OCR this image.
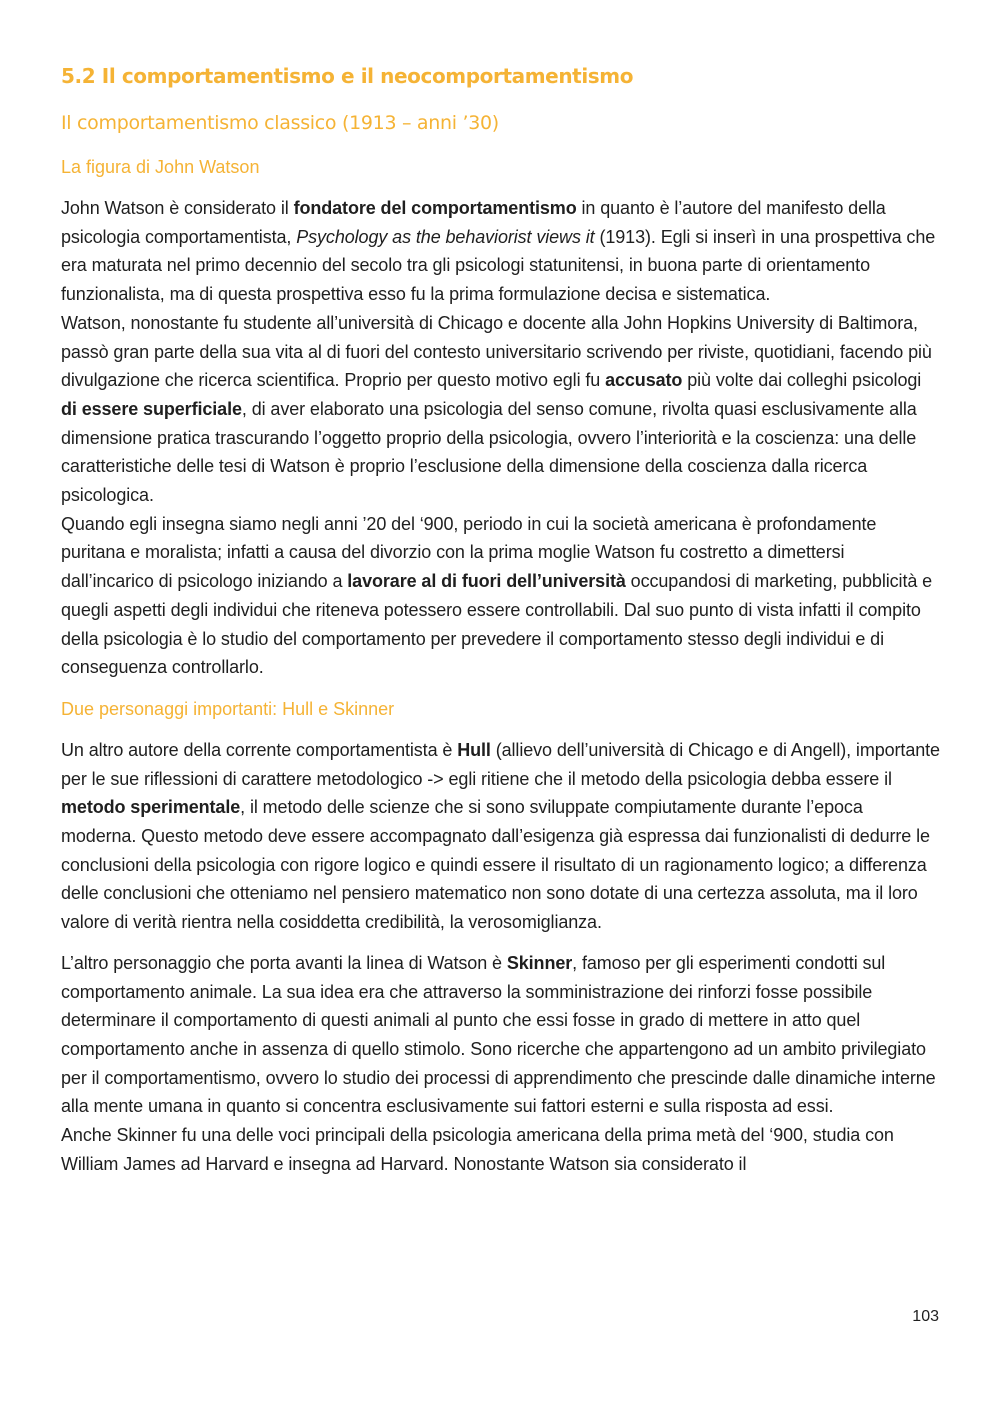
5.2 Il comportamentismo e il neocomportamentismo
Il comportamentismo classico (1913 – anni ’30)
La figura di John Watson

John Watson è considerato il fondatore del comportamentismo in quanto è l’autore del manifesto della psicologia comportamentista, Psychology as the behaviorist views it (1913). Egli si inserì in una prospettiva che era maturata nel primo decennio del secolo tra gli psicologi statunitensi, in buona parte di orientamento funzionalista, ma di questa prospettiva esso fu la prima formulazione decisa e sistematica.

Watson, nonostante fu studente all’università di Chicago e docente alla John Hopkins University di Baltimora, passò gran parte della sua vita al di fuori del contesto universitario scrivendo per riviste, quotidiani, facendo più divulgazione che ricerca scientifica. Proprio per questo motivo egli fu accusato più volte dai colleghi psicologi di essere superficiale, di aver elaborato una psicologia del senso comune, rivolta quasi esclusivamente alla dimensione pratica trascurando l’oggetto proprio della psicologia, ovvero l’interiorità e la coscienza: una delle caratteristiche delle tesi di Watson è proprio l’esclusione della dimensione della coscienza dalla ricerca psicologica.

Quando egli insegna siamo negli anni ’20 del ‘900, periodo in cui la società americana è profondamente puritana e moralista; infatti a causa del divorzio con la prima moglie Watson fu costretto a dimettersi dall’incarico di psicologo iniziando a lavorare al di fuori dell’università occupandosi di marketing, pubblicità e quegli aspetti degli individui che riteneva potessero essere controllabili. Dal suo punto di vista infatti il compito della psicologia è lo studio del comportamento per prevedere il comportamento stesso degli individui e di conseguenza controllarlo.

Due personaggi importanti: Hull e Skinner

Un altro autore della corrente comportamentista è Hull (allievo dell’università di Chicago e di Angell), importante per le sue riflessioni di carattere metodologico -> egli ritiene che il metodo della psicologia debba essere il metodo sperimentale, il metodo delle scienze che si sono sviluppate compiutamente durante l’epoca moderna. Questo metodo deve essere accompagnato dall’esigenza già espressa dai funzionalisti di dedurre le conclusioni della psicologia con rigore logico e quindi essere il risultato di un ragionamento logico; a differenza delle conclusioni che otteniamo nel pensiero matematico non sono dotate di una certezza assoluta, ma il loro valore di verità rientra nella cosiddetta credibilità, la verosomiglianza.

L’altro personaggio che porta avanti la linea di Watson è Skinner, famoso per gli esperimenti condotti sul comportamento animale. La sua idea era che attraverso la somministrazione dei rinforzi fosse possibile determinare il comportamento di questi animali al punto che essi fosse in grado di mettere in atto quel comportamento anche in assenza di quello stimolo. Sono ricerche che appartengono ad un ambito privilegiato per il comportamentismo, ovvero lo studio dei processi di apprendimento che prescinde dalle dinamiche interne alla mente umana in quanto si concentra esclusivamente sui fattori esterni e sulla risposta ad essi.

Anche Skinner fu una delle voci principali della psicologia americana della prima metà del ‘900, studia con William James ad Harvard e insegna ad Harvard. Nonostante Watson sia considerato il

103
